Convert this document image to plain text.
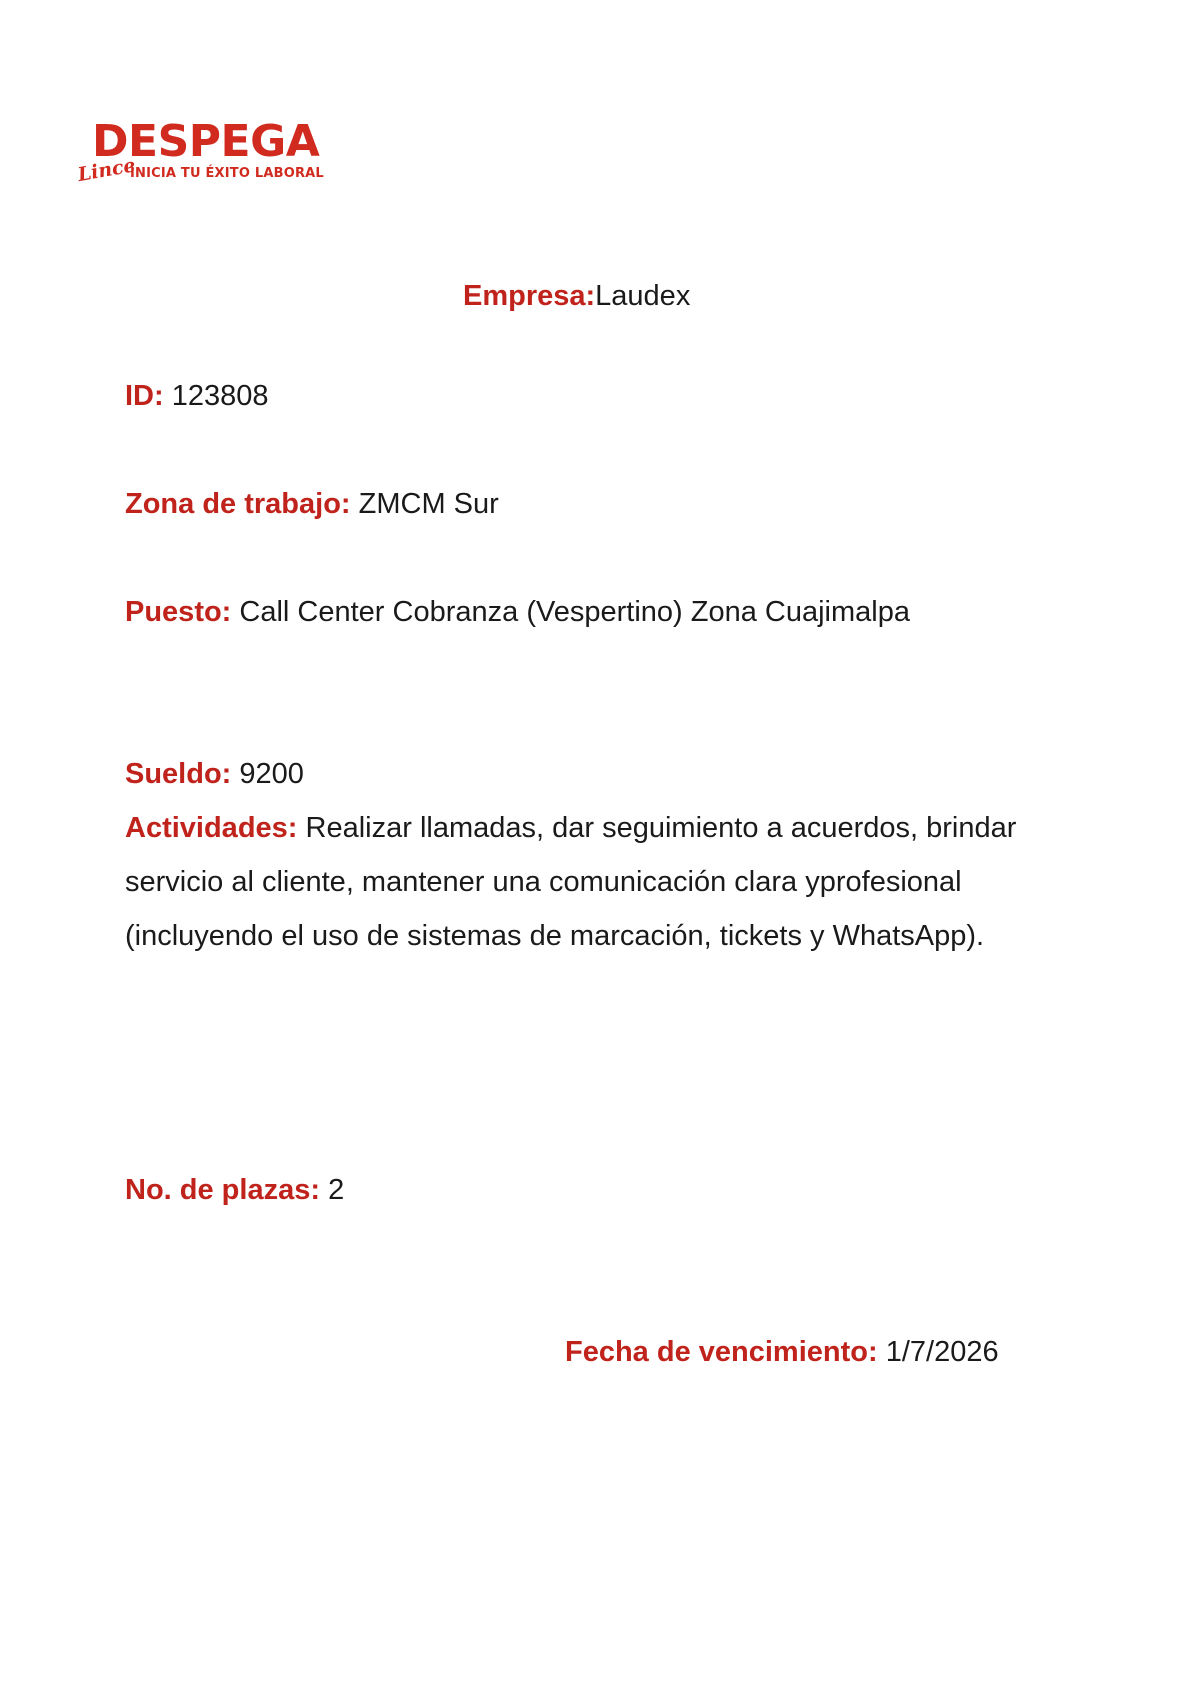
DESPEGA
Lince
INICIA TU ÉXITO LABORAL
Empresa:Laudex
ID: 123808
Zona de trabajo: ZMCM Sur
Puesto: Call Center Cobranza (Vespertino) Zona Cuajimalpa
Sueldo: 9200
Actividades: Realizar llamadas, dar seguimiento a acuerdos, brindar servicio al cliente, mantener una comunicación clara yprofesional (incluyendo el uso de sistemas de marcación, tickets y WhatsApp).
No. de plazas: 2
Fecha de vencimiento: 1/7/2026
